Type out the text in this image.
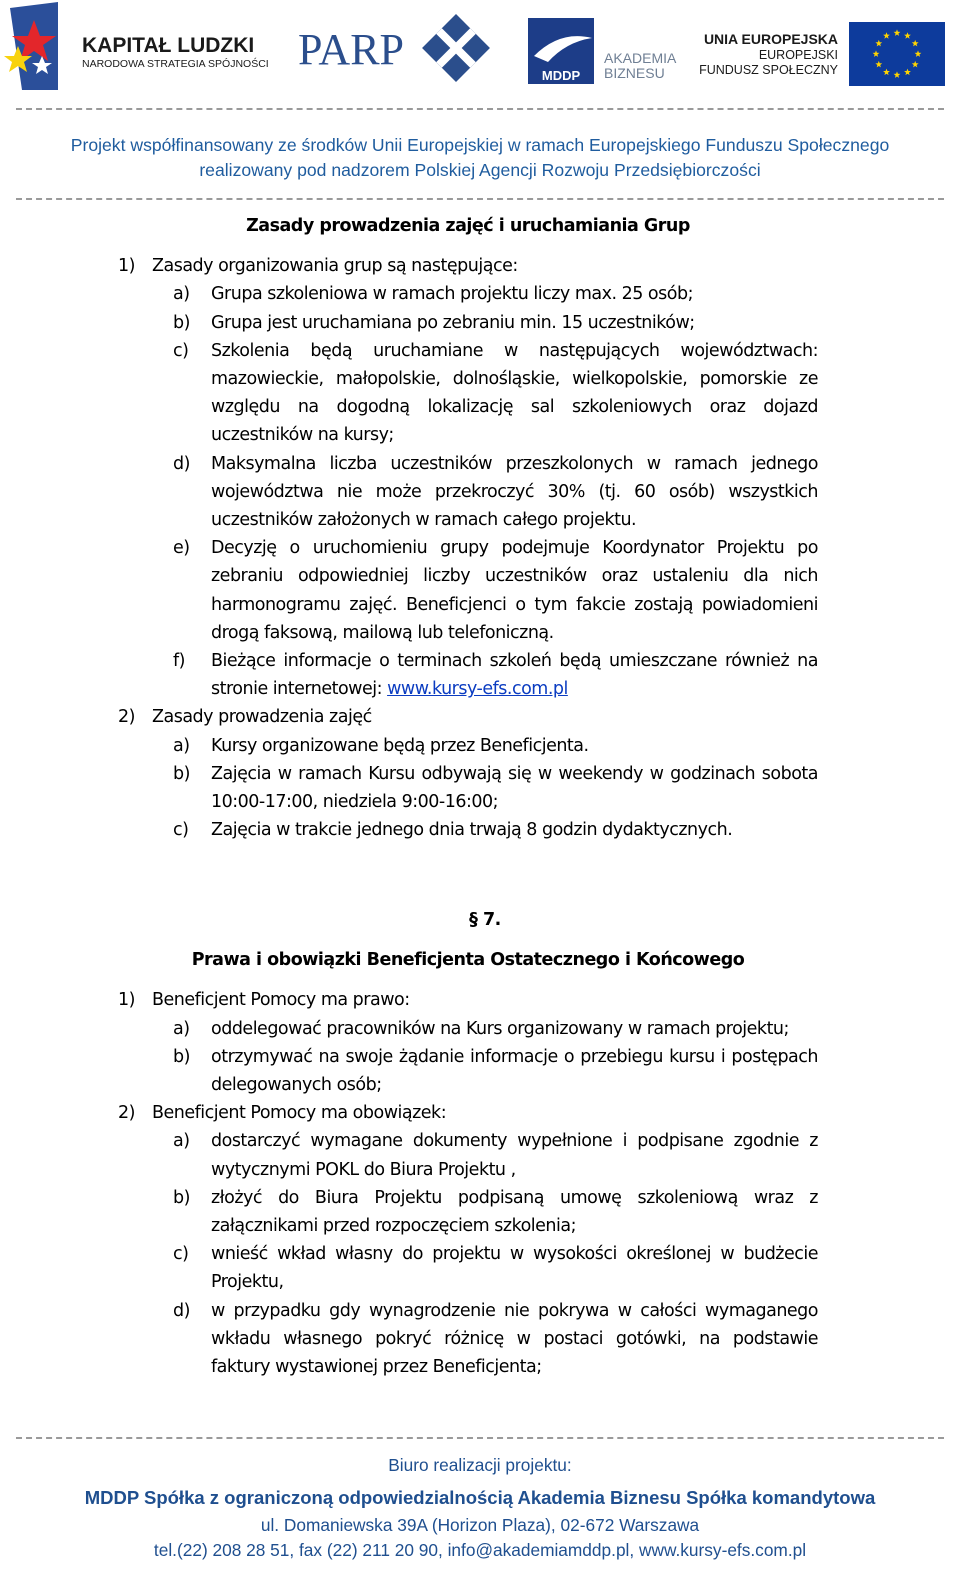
KAPITAŁ LUDZKI
NARODOWA STRATEGIA SPÓJNOŚCI PARP
MDDP
AKADEMIA
BIZNESU
UNIA EUROPEJSKA
EUROPEJSKI
FUNDUSZ SPOŁECZNY
Projekt współfinansowany ze środków Unii Europejskiej w ramach Europejskiego Funduszu Społecznego
realizowany pod nadzorem Polskiej Agencji Rozwoju Przedsiębiorczości
Zasady prowadzenia zajęć i uruchamiania Grup
1) Zasady organizowania grup są następujące:
a) Grupa szkoleniowa w ramach projektu liczy max. 25 osób;
b) Grupa jest uruchamiana po zebraniu min. 15 uczestników;
c) Szkolenia będą uruchamiane w następujących województwach: mazowieckie, małopolskie, dolnośląskie, wielkopolskie, pomorskie ze względu na dogodną lokalizację sal szkoleniowych oraz dojazd uczestników na kursy;
d) Maksymalna liczba uczestników przeszkolonych w ramach jednego województwa nie może przekroczyć 30% (tj. 60 osób) wszystkich uczestników założonych w ramach całego projektu.
e) Decyzję o uruchomieniu grupy podejmuje Koordynator Projektu po zebraniu odpowiedniej liczby uczestników oraz ustaleniu dla nich harmonogramu zajęć. Beneficjenci o tym fakcie zostają powiadomieni drogą faksową, mailową lub telefoniczną.
f) Bieżące informacje o terminach szkoleń będą umieszczane również na stronie internetowej: www.kursy-efs.com.pl
2) Zasady prowadzenia zajęć
a) Kursy organizowane będą przez Beneficjenta.
b) Zajęcia w ramach Kursu odbywają się w weekendy w godzinach sobota 10:00-17:00, niedziela 9:00-16:00;
c) Zajęcia w trakcie jednego dnia trwają 8 godzin dydaktycznych.
§ 7.
Prawa i obowiązki Beneficjenta Ostatecznego i Końcowego
1) Beneficjent Pomocy ma prawo:
a) oddelegować pracowników na Kurs organizowany w ramach projektu;
b) otrzymywać na swoje żądanie informacje o przebiegu kursu i postępach delegowanych osób;
2) Beneficjent Pomocy ma obowiązek:
a) dostarczyć wymagane dokumenty wypełnione i podpisane zgodnie z wytycznymi POKL do Biura Projektu ,
b) złożyć do Biura Projektu podpisaną umowę szkoleniową wraz z załącznikami przed rozpoczęciem szkolenia;
c) wnieść wkład własny do projektu w wysokości określonej w budżecie Projektu,
d) w przypadku gdy wynagrodzenie nie pokrywa w całości wymaganego wkładu własnego pokryć różnicę w postaci gotówki, na podstawie faktury wystawionej przez Beneficjenta;
Biuro realizacji projektu:
MDDP Spółka z ograniczoną odpowiedzialnością Akademia Biznesu Spółka komandytowa
ul. Domaniewska 39A (Horizon Plaza), 02-672 Warszawa
tel.(22) 208 28 51, fax (22) 211 20 90, info@akademiamddp.pl, www.kursy-efs.com.pl
